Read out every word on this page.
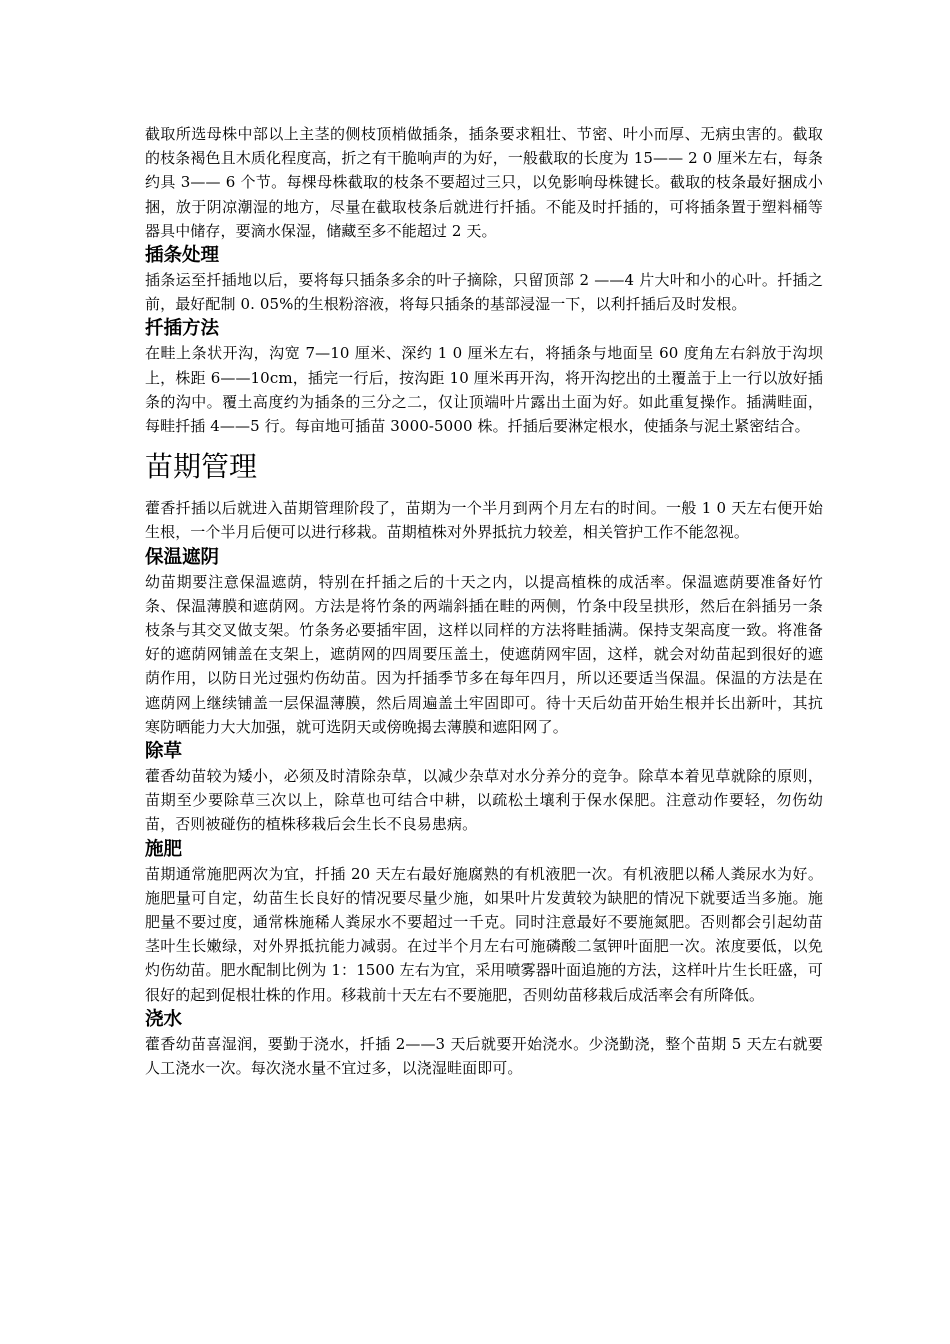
截取所选母株中部以上主茎的侧枝顶梢做插条，插条要求粗壮、节密、叶小而厚、无病虫害的。截取的枝条褐色且木质化程度高，折之有干脆响声的为好，一般截取的长度为 15—— 2 0 厘米左右，每条约具 3—— 6 个节。每棵母株截取的枝条不要超过三只，以免影响母株键长。截取的枝条最好捆成小捆，放于阴凉潮湿的地方，尽量在截取枝条后就进行扦插。不能及时扦插的，可将插条置于塑料桶等器具中储存，要滴水保湿，储藏至多不能超过 2 天。

插条处理

插条运至扦插地以后，要将每只插条多余的叶子摘除，只留顶部 2 ——4 片大叶和小的心叶。扦插之前，最好配制 0. 05%的生根粉溶液，将每只插条的基部浸湿一下，以利扦插后及时发根。

扦插方法

在畦上条状开沟，沟宽 7—10 厘米、深约 1 0 厘米左右，将插条与地面呈 60 度角左右斜放于沟坝上，株距 6——10cm，插完一行后，按沟距 10 厘米再开沟，将开沟挖出的土覆盖于上一行以放好插条的沟中。覆土高度约为插条的三分之二，仅让顶端叶片露出土面为好。如此重复操作。插满畦面，每畦扦插 4——5 行。每亩地可插苗 3000-5000 株。扦插后要淋定根水，使插条与泥土紧密结合。

苗期管理

藿香扦插以后就进入苗期管理阶段了，苗期为一个半月到两个月左右的时间。一般 1 0 天左右便开始生根，一个半月后便可以进行移栽。苗期植株对外界抵抗力较差，相关管护工作不能忽视。

保温遮阴

幼苗期要注意保温遮荫，特别在扦插之后的十天之内，以提高植株的成活率。保温遮荫要准备好竹条、保温薄膜和遮荫网。方法是将竹条的两端斜插在畦的两侧，竹条中段呈拱形，然后在斜插另一条枝条与其交叉做支架。竹条务必要插牢固，这样以同样的方法将畦插满。保持支架高度一致。将准备好的遮荫网铺盖在支架上，遮荫网的四周要压盖土，使遮荫网牢固，这样，就会对幼苗起到很好的遮荫作用，以防日光过强灼伤幼苗。因为扦插季节多在每年四月，所以还要适当保温。保温的方法是在遮荫网上继续铺盖一层保温薄膜，然后周遍盖土牢固即可。待十天后幼苗开始生根并长出新叶，其抗寒防晒能力大大加强，就可选阴天或傍晚揭去薄膜和遮阳网了。

除草

藿香幼苗较为矮小，必须及时清除杂草，以减少杂草对水分养分的竞争。除草本着见草就除的原则，苗期至少要除草三次以上，除草也可结合中耕，以疏松土壤利于保水保肥。注意动作要轻，勿伤幼苗，否则被碰伤的植株移栽后会生长不良易患病。

施肥

苗期通常施肥两次为宜，扦插 20 天左右最好施腐熟的有机液肥一次。有机液肥以稀人粪尿水为好。施肥量可自定，幼苗生长良好的情况要尽量少施，如果叶片发黄较为缺肥的情况下就要适当多施。施肥量不要过度，通常株施稀人粪尿水不要超过一千克。同时注意最好不要施氮肥。否则都会引起幼苗茎叶生长嫩绿，对外界抵抗能力减弱。在过半个月左右可施磷酸二氢钾叶面肥一次。浓度要低，以免灼伤幼苗。肥水配制比例为 1：1500 左右为宜，采用喷雾器叶面追施的方法，这样叶片生长旺盛，可很好的起到促根壮株的作用。移栽前十天左右不要施肥，否则幼苗移栽后成活率会有所降低。

浇水

藿香幼苗喜湿润，要勤于浇水，扦插 2——3 天后就要开始浇水。少浇勤浇，整个苗期 5 天左右就要人工浇水一次。每次浇水量不宜过多，以浇湿畦面即可。
